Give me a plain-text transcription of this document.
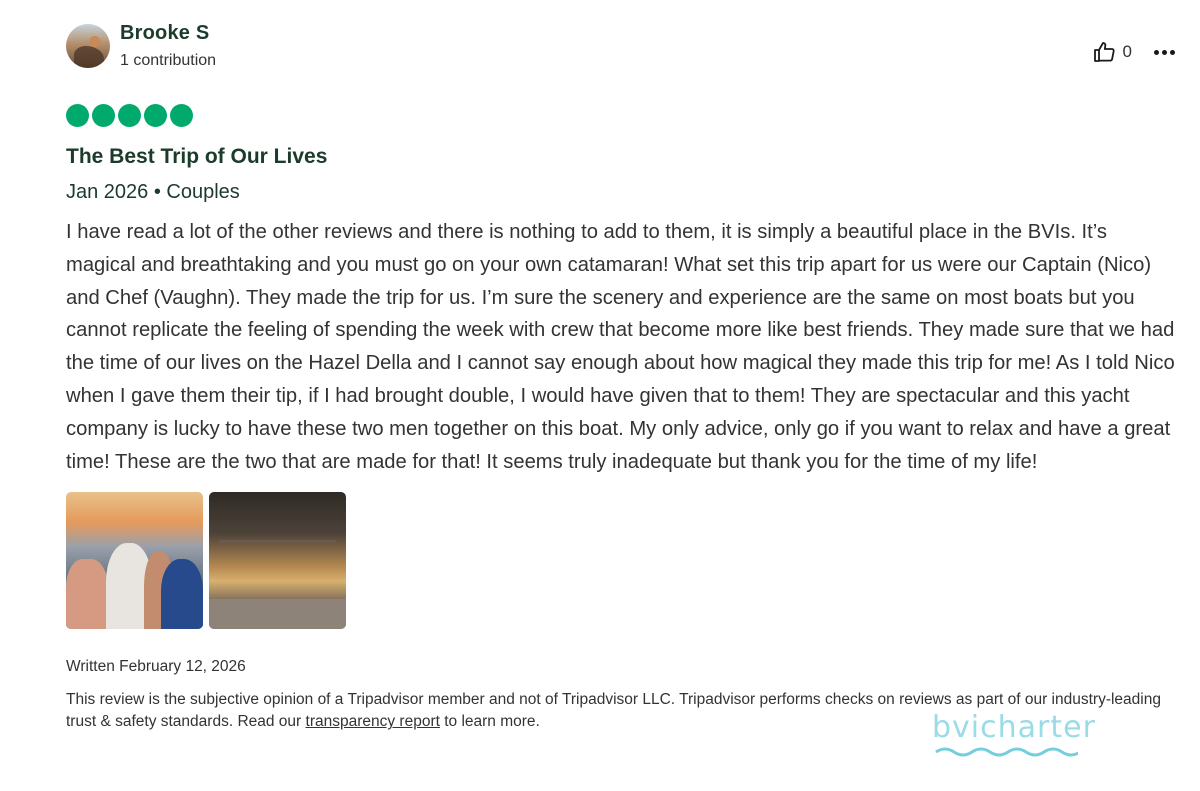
Brooke S
1 contribution	0
The Best Trip of Our Lives
Jan 2026 • Couples
I have read a lot of the other reviews and there is nothing to add to them, it is simply a beautiful place in the BVIs. It’s magical and breathtaking and you must go on your own catamaran! What set this trip apart for us were our Captain (Nico) and Chef (Vaughn). They made the trip for us. I’m sure the scenery and experience are the same on most boats but you cannot replicate the feeling of spending the week with crew that become more like best friends. They made sure that we had the time of our lives on the Hazel Della and I cannot say enough about how magical they made this trip for me! As I told Nico when I gave them their tip, if I had brought double, I would have given that to them! They are spectacular and this yacht company is lucky to have these two men together on this boat. My only advice, only go if you want to relax and have a great time! These are the two that are made for that! It seems truly inadequate but thank you for the time of my life!
Written February 12, 2026
This review is the subjective opinion of a Tripadvisor member and not of Tripadvisor LLC. Tripadvisor performs checks on reviews as part of our industry-leading trust & safety standards. Read our transparency report to learn more.	bvicharter
